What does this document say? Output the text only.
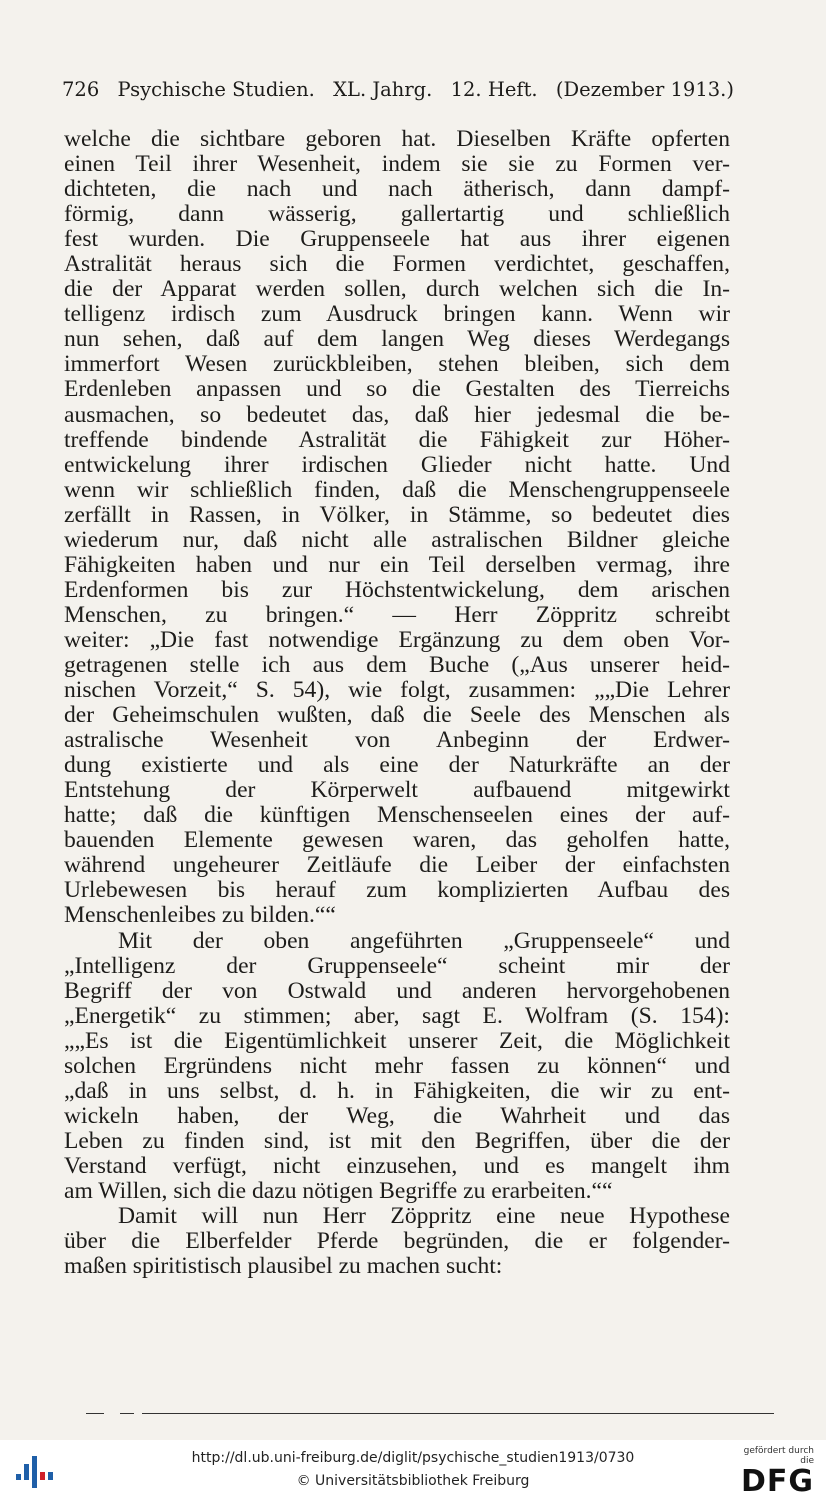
726 Psychische Studien. XL. Jahrg. 12. Heft. (Dezember 1913.)
welche die sichtbare geboren hat. Dieselben Kräfte opferten
einen Teil ihrer Wesenheit, indem sie sie zu Formen ver-
dichteten, die nach und nach ätherisch, dann dampf-
förmig, dann wässerig, gallertartig und schließlich
fest wurden. Die Gruppenseele hat aus ihrer eigenen
Astralität heraus sich die Formen verdichtet, geschaffen,
die der Apparat werden sollen, durch welchen sich die In-
telligenz irdisch zum Ausdruck bringen kann. Wenn wir
nun sehen, daß auf dem langen Weg dieses Werdegangs
immerfort Wesen zurückbleiben, stehen bleiben, sich dem
Erdenleben anpassen und so die Gestalten des Tierreichs
ausmachen, so bedeutet das, daß hier jedesmal die be-
treffende bindende Astralität die Fähigkeit zur Höher-
entwickelung ihrer irdischen Glieder nicht hatte. Und
wenn wir schließlich finden, daß die Menschengruppenseele
zerfällt in Rassen, in Völker, in Stämme, so bedeutet dies
wiederum nur, daß nicht alle astralischen Bildner gleiche
Fähigkeiten haben und nur ein Teil derselben vermag, ihre
Erdenformen bis zur Höchstentwickelung, dem arischen
Menschen, zu bringen.“ — Herr Zöppritz schreibt
weiter: „Die fast notwendige Ergänzung zu dem oben Vor-
getragenen stelle ich aus dem Buche („Aus unserer heid-
nischen Vorzeit,“ S. 54), wie folgt, zusammen: „„Die Lehrer
der Geheimschulen wußten, daß die Seele des Menschen als
astralische Wesenheit von Anbeginn der Erdwer-
dung existierte und als eine der Naturkräfte an der
Entstehung der Körperwelt aufbauend mitgewirkt
hatte; daß die künftigen Menschenseelen eines der auf-
bauenden Elemente gewesen waren, das geholfen hatte,
während ungeheurer Zeitläufe die Leiber der einfachsten
Urlebewesen bis herauf zum komplizierten Aufbau des
Menschenleibes zu bilden.““
Mit der oben angeführten „Gruppenseele“ und
„Intelligenz der Gruppenseele“ scheint mir der
Begriff der von Ostwald und anderen hervorgehobenen
„Energetik“ zu stimmen; aber, sagt E. Wolfram (S. 154):
„„Es ist die Eigentümlichkeit unserer Zeit, die Möglichkeit
solchen Ergründens nicht mehr fassen zu können“ und
„daß in uns selbst, d. h. in Fähigkeiten, die wir zu ent-
wickeln haben, der Weg, die Wahrheit und das
Leben zu finden sind, ist mit den Begriffen, über die der
Verstand verfügt, nicht einzusehen, und es mangelt ihm
am Willen, sich die dazu nötigen Begriffe zu erarbeiten.““
Damit will nun Herr Zöppritz eine neue Hypothese
über die Elberfelder Pferde begründen, die er folgender-
maßen spiritistisch plausibel zu machen sucht:
http://dl.ub.uni-freiburg.de/diglit/psychische_studien1913/0730
© Universitätsbibliothek Freiburg
gefördert durch die
DFG
